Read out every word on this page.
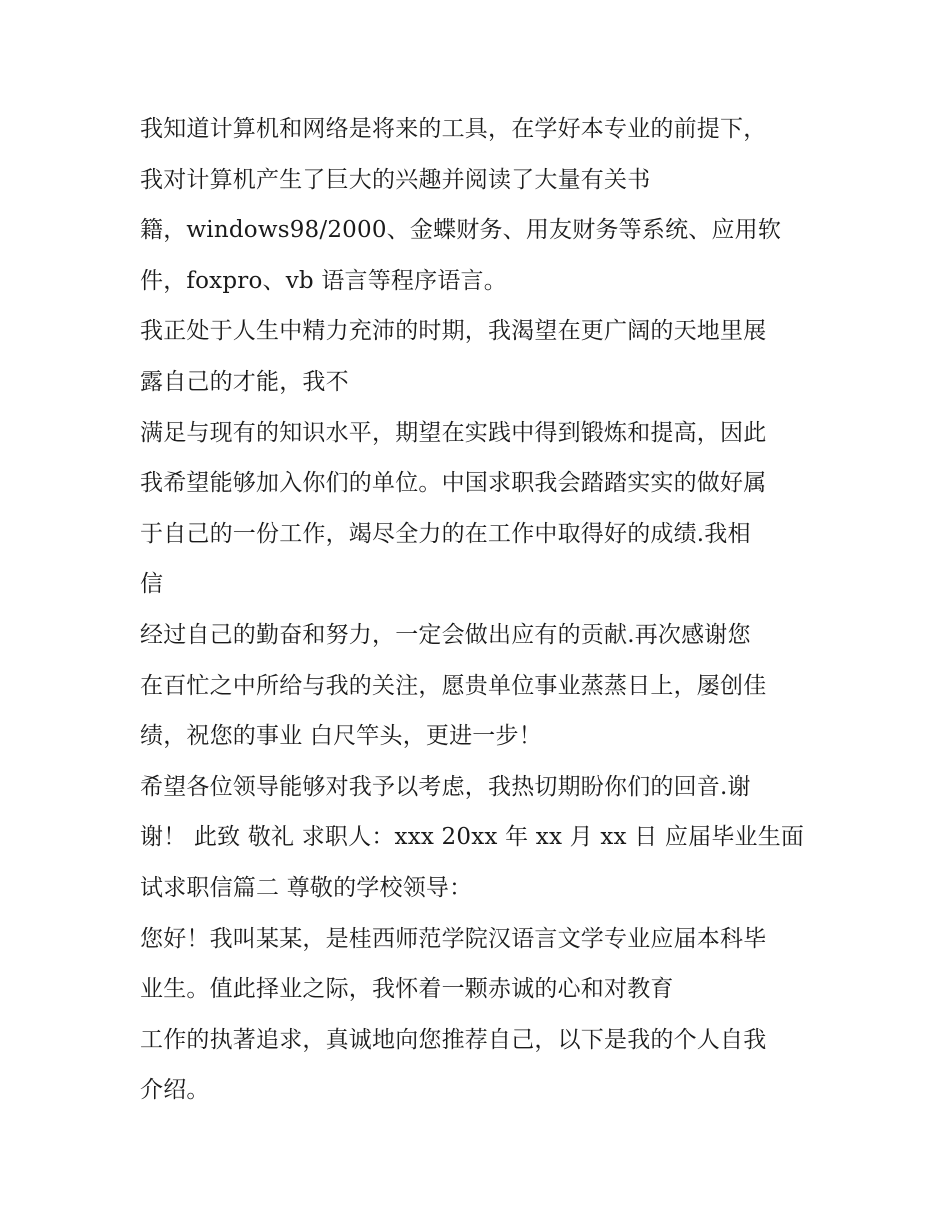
我知道计算机和网络是将来的工具，在学好本专业的前提下，
我对计算机产生了巨大的兴趣并阅读了大量有关书
籍，windows98/2000、金蝶财务、用友财务等系统、应用软
件，foxpro、vb 语言等程序语言。
我正处于人生中精力充沛的时期，我渴望在更广阔的天地里展
露自己的才能，我不
满足与现有的知识水平，期望在实践中得到锻炼和提高，因此
我希望能够加入你们的单位。中国求职我会踏踏实实的做好属
于自己的一份工作，竭尽全力的在工作中取得好的成绩.我相
信
经过自己的勤奋和努力，一定会做出应有的贡献.再次感谢您
在百忙之中所给与我的关注，愿贵单位事业蒸蒸日上，屡创佳
绩，祝您的事业 白尺竿头，更进一步！
希望各位领导能够对我予以考虑，我热切期盼你们的回音.谢
谢！ 此致 敬礼 求职人：xxx 20xx 年 xx 月 xx 日 应届毕业生面
试求职信篇二 尊敬的学校领导：
您好！我叫某某，是桂西师范学院汉语言文学专业应届本科毕
业生。值此择业之际，我怀着一颗赤诚的心和对教育
工作的执著追求，真诚地向您推荐自己，以下是我的个人自我
介绍。
